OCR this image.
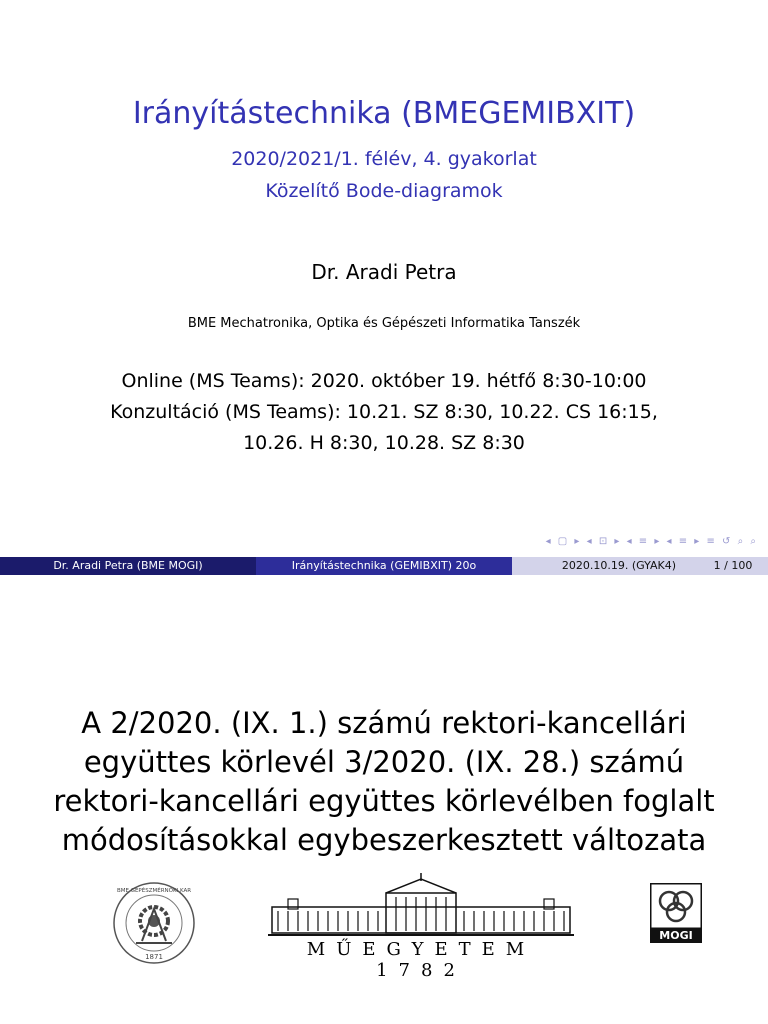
Irányítástechnika (BMEGEMIBXIT)
2020/2021/1. félév, 4. gyakorlat
Közelítő Bode-diagramok
Dr. Aradi Petra
BME Mechatronika, Optika és Gépészeti Informatika Tanszék
Online (MS Teams): 2020. október 19. hétfő 8:30-10:00
Konzultáció (MS Teams): 10.21. SZ 8:30, 10.22. CS 16:15,
10.26. H 8:30, 10.28. SZ 8:30
◂ ▢ ▸ ◂ ⊡ ▸ ◂ ≡ ▸ ◂ ≡ ▸ ≡ ↺ ⌕ ⌕
Dr. Aradi Petra (BME MOGI)	Irányítástechnika (GEMIBXIT) 20o	2020.10.19. (GYAK4)	1 / 100
A 2/2020. (IX. 1.) számú rektori-kancellári
együttes körlevél 3/2020. (IX. 28.) számú
rektori-kancellári együttes körlevélben foglalt
módosításokkal egybeszerkesztett változata
1871
BME GÉPÉSZMÉRNÖKI KAR
MŰEGYETEM 1782
MOGI
